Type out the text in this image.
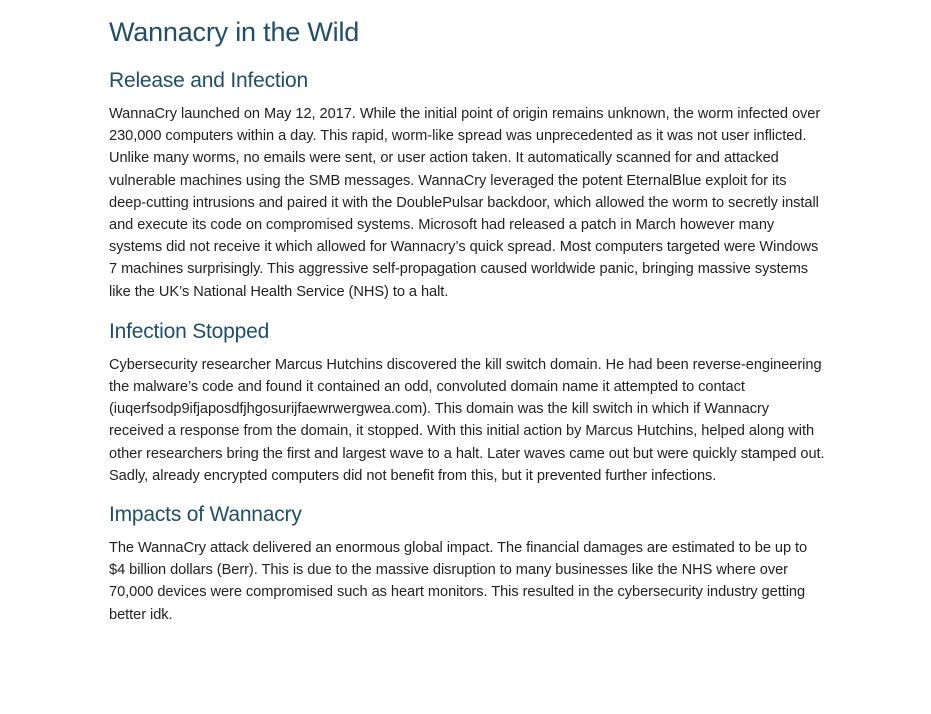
Wannacry in the Wild
Release and Infection

WannaCry launched on May 12, 2017. While the initial point of origin remains unknown, the worm infected over 230,000 computers within a day. This rapid, worm-like spread was unprecedented as it was not user inflicted. Unlike many worms, no emails were sent, or user action taken. It automatically scanned for and attacked vulnerable machines using the SMB messages. WannaCry leveraged the potent EternalBlue exploit for its deep-cutting intrusions and paired it with the DoublePulsar backdoor, which allowed the worm to secretly install and execute its code on compromised systems. Microsoft had released a patch in March however many systems did not receive it which allowed for Wannacry’s quick spread. Most computers targeted were Windows 7 machines surprisingly. This aggressive self-propagation caused worldwide panic, bringing massive systems like the UK’s National Health Service (NHS) to a halt.

Infection Stopped

Cybersecurity researcher Marcus Hutchins discovered the kill switch domain. He had been reverse-engineering the malware’s code and found it contained an odd, convoluted domain name it attempted to contact (iuqerfsodp9ifjaposdfjhgosurijfaewrwergwea.com). This domain was the kill switch in which if Wannacry received a response from the domain, it stopped. With this initial action by Marcus Hutchins, helped along with other researchers bring the first and largest wave to a halt. Later waves came out but were quickly stamped out. Sadly, already encrypted computers did not benefit from this, but it prevented further infections.

Impacts of Wannacry

The WannaCry attack delivered an enormous global impact. The financial damages are estimated to be up to $4 billion dollars (Berr). This is due to the massive disruption to many businesses like the NHS where over 70,000 devices were compromised such as heart monitors. This resulted in the cybersecurity industry getting better idk.
